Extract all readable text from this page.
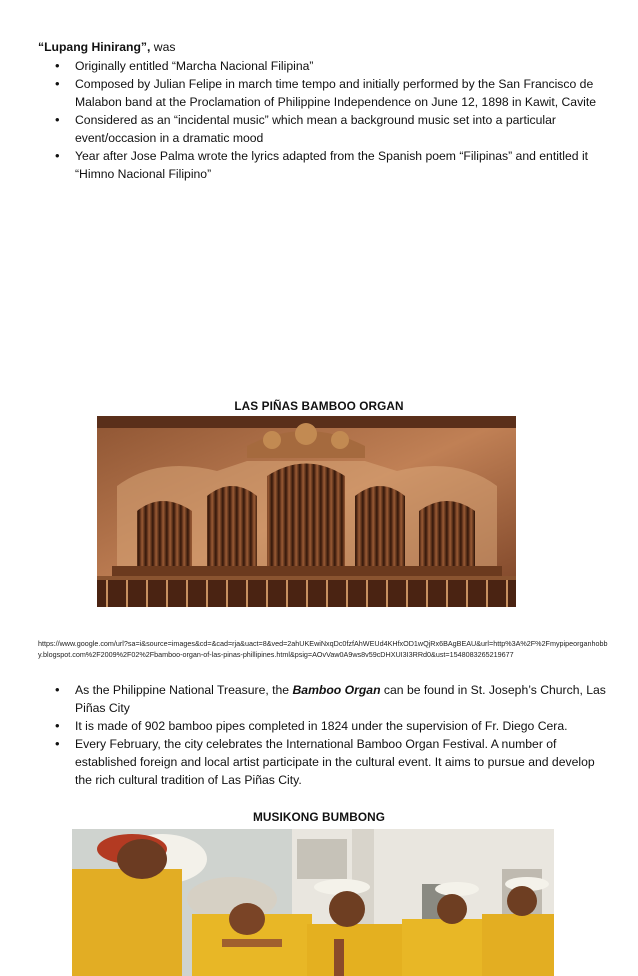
“Lupang Hinirang”, was
• Originally entitled “Marcha Nacional Filipina”
• Composed by Julian Felipe in march time tempo and initially performed by the San Francisco de Malabon band at the Proclamation of Philippine Independence on June 12, 1898 in Kawit, Cavite
• Considered as an “incidental music” which mean a background music set into a particular event/occasion in a dramatic mood
• Year after Jose Palma wrote the lyrics adapted from the Spanish poem “Filipinas” and entitled it “Himno Nacional Filipino”
LAS PIÑAS BAMBOO ORGAN
https://www.google.com/url?sa=i&source=images&cd=&cad=rja&uact=8&ved=2ahUKEwiNxqDc0fzfAhWEUd4KHfxOD1wQjRx6BAgBEAU&url=http%3A%2F%2Fmypipeorganhobby.blogspot.com%2F2009%2F02%2Fbamboo-organ-of-las-pinas-phillipines.html&psig=AOvVaw0A9ws8v59cDHXUI3I3RRd0&ust=1548083265219677
• As the Philippine National Treasure, the Bamboo Organ can be found in St. Joseph’s Church, Las Piñas City
• It is made of 902 bamboo pipes completed in 1824 under the supervision of Fr. Diego Cera.
• Every February, the city celebrates the International Bamboo Organ Festival. A number of established foreign and local artist participate in the cultural event. It aims to pursue and develop the rich cultural tradition of Las Piñas City.
MUSIKONG BUMBONG
